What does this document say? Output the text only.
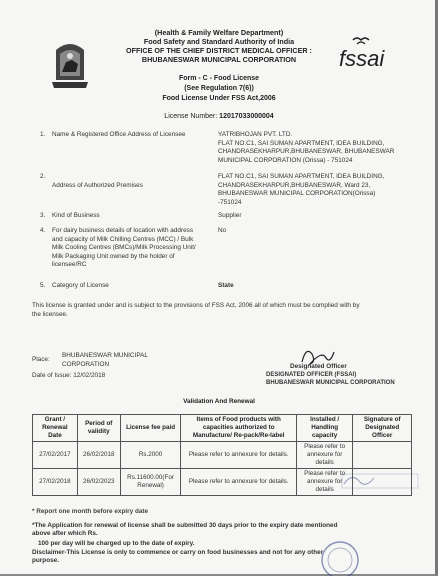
fssai
(Health & Family Welfare Department)
Food Safety and Standard Authority of India
OFFICE OF THE CHIEF DISTRICT MEDICAL OFFICER :
BHUBANESWAR MUNICIPAL CORPORATION
Form - C - Food License
(See Regulation 7(6))
Food License Under FSS Act,2006
License Number: 12017033000004
1. Name & Registered Office Address of Licensee	YATRIBHOJAN PVT. LTD.
FLAT NO.C1, SAI SUMAN APARTMENT, IDEA BUILDING,
CHANDRASEKHARPUR,BHUBANESWAR, BHUBANESWAR
MUNICIPAL CORPORATION (Orissa) - 751024
2.
Address of Authorized Premises
FLAT NO.C1, SAI SUMAN APARTMENT, IDEA BUILDING,
CHANDRASEKHARPUR,BHUBANESWAR, Ward 23,
BHUBANESWAR MUNICIPAL CORPORATION(Orissa)
-751024
3. Kind of Business	Supplier
4. For dairy business details of location with address
and capacity of Milk Chilling Centres (MCC) / Bulk
Milk Cooling Centres (BMCs)/Milk Processing Unit/
Milk Packaging Unit owned by the holder of
licensee/RC
No
5. Category of License	State
This license is granted under and is subject to the provisions of FSS Act, 2006 all of which must be complied with by
the licensee.
Place:
BHUBANESWAR MUNICIPAL
CORPORATION
Date of Issue: 12/02/2018
Designated Officer
DESIGNATED OFFICER (FSSAI)
BHUBANESWAR MUNICIPAL CORPORATION
Validation And Renewal
Grant / Renewal Date	Period of validity	License fee paid	Items of Food products with capacities authorized to Manufacture/ Re-pack/Re-label	Installed / Handling capacity	Signature of Designated Officer
27/02/2017	26/02/2018	Rs.2000	Please refer to annexure for details.	Please refer to annexure for details	
27/02/2018	26/02/2023	Rs.11600.00(For Renewal)	Please refer to annexure for details.	Please refer to annexure for details	
* Report one month before expiry date
*The Application for renewal of license shall be submitted 30 days prior to the expiry date mentioned
above after which Rs.
100 per day will be charged up to the date of expiry.
Disclaimer-This License is only to commence or carry on food businesses and not for any other
purpose.
